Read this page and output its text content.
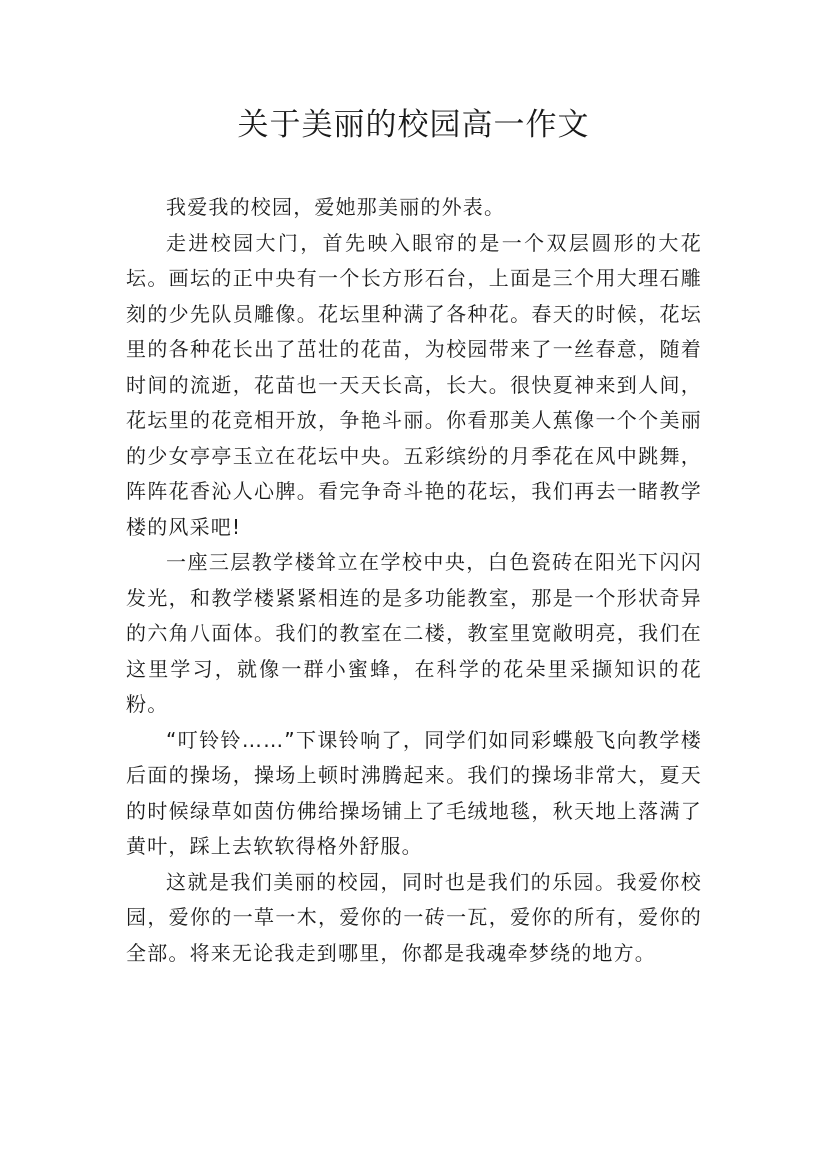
关于美丽的校园高一作文

我爱我的校园，爱她那美丽的外表。

走进校园大门，首先映入眼帘的是一个双层圆形的大花坛。画坛的正中央有一个长方形石台，上面是三个用大理石雕刻的少先队员雕像。花坛里种满了各种花。春天的时候，花坛里的各种花长出了茁壮的花苗，为校园带来了一丝春意，随着时间的流逝，花苗也一天天长高，长大。很快夏神来到人间，花坛里的花竞相开放，争艳斗丽。你看那美人蕉像一个个美丽的少女亭亭玉立在花坛中央。五彩缤纷的月季花在风中跳舞，阵阵花香沁人心脾。看完争奇斗艳的花坛，我们再去一睹教学楼的风采吧!

一座三层教学楼耸立在学校中央，白色瓷砖在阳光下闪闪发光，和教学楼紧紧相连的是多功能教室，那是一个形状奇异的六角八面体。我们的教室在二楼，教室里宽敞明亮，我们在这里学习，就像一群小蜜蜂，在科学的花朵里采撷知识的花粉。

“叮铃铃……”下课铃响了，同学们如同彩蝶般飞向教学楼后面的操场，操场上顿时沸腾起来。我们的操场非常大，夏天的时候绿草如茵仿佛给操场铺上了毛绒地毯，秋天地上落满了黄叶，踩上去软软得格外舒服。

这就是我们美丽的校园，同时也是我们的乐园。我爱你校园，爱你的一草一木，爱你的一砖一瓦，爱你的所有，爱你的全部。将来无论我走到哪里，你都是我魂牵梦绕的地方。
